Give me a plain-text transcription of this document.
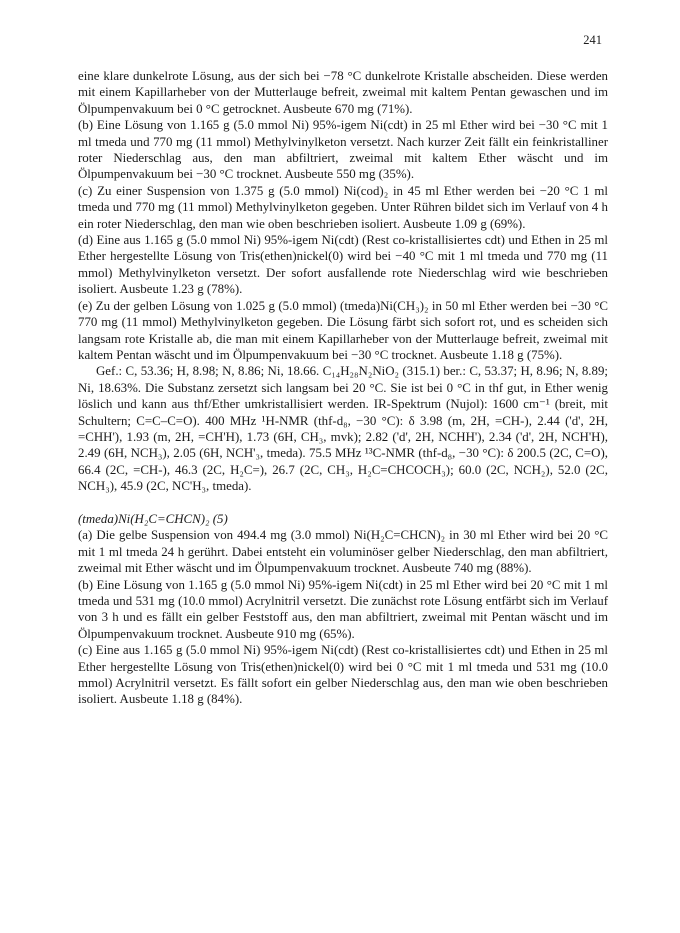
241

eine klare dunkelrote Lösung, aus der sich bei −78 °C dunkelrote Kristalle abscheiden. Diese werden mit einem Kapillarheber von der Mutterlauge befreit, zweimal mit kaltem Pentan gewaschen und im Ölpumpenvakuum bei 0 °C getrocknet. Ausbeute 670 mg (71%).

(b) Eine Lösung von 1.165 g (5.0 mmol Ni) 95%-igem Ni(cdt) in 25 ml Ether wird bei −30 °C mit 1 ml tmeda und 770 mg (11 mmol) Methylvinylketon versetzt. Nach kurzer Zeit fällt ein feinkristalliner roter Niederschlag aus, den man abfiltriert, zweimal mit kaltem Ether wäscht und im Ölpumpenvakuum bei −30 °C trocknet. Ausbeute 550 mg (35%).

(c) Zu einer Suspension von 1.375 g (5.0 mmol) Ni(cod)₂ in 45 ml Ether werden bei −20 °C 1 ml tmeda und 770 mg (11 mmol) Methylvinylketon gegeben. Unter Rühren bildet sich im Verlauf von 4 h ein roter Niederschlag, den man wie oben beschrieben isoliert. Ausbeute 1.09 g (69%).

(d) Eine aus 1.165 g (5.0 mmol Ni) 95%-igem Ni(cdt) (Rest co-kristallisiertes cdt) und Ethen in 25 ml Ether hergestellte Lösung von Tris(ethen)nickel(0) wird bei −40 °C mit 1 ml tmeda und 770 mg (11 mmol) Methylvinylketon versetzt. Der sofort ausfallende rote Niederschlag wird wie beschrieben isoliert. Ausbeute 1.23 g (78%).

(e) Zu der gelben Lösung von 1.025 g (5.0 mmol) (tmeda)Ni(CH₃)₂ in 50 ml Ether werden bei −30 °C 770 mg (11 mmol) Methylvinylketon gegeben. Die Lösung färbt sich sofort rot, und es scheiden sich langsam rote Kristalle ab, die man mit einem Kapillarheber von der Mutterlauge befreit, zweimal mit kaltem Pentan wäscht und im Ölpumpenvakuum bei −30 °C trocknet. Ausbeute 1.18 g (75%).

Gef.: C, 53.36; H, 8.98; N, 8.86; Ni, 18.66. C₁₄H₂₈N₂NiO₂ (315.1) ber.: C, 53.37; H, 8.96; N, 8.89; Ni, 18.63%. Die Substanz zersetzt sich langsam bei 20 °C. Sie ist bei 0 °C in thf gut, in Ether wenig löslich und kann aus thf/Ether umkristallisiert werden. IR-Spektrum (Nujol): 1600 cm⁻¹ (breit, mit Schultern; C=C–C=O). 400 MHz ¹H-NMR (thf-d₈, −30 °C): δ 3.98 (m, 2H, =CH-), 2.44 ('d', 2H, =CHH'), 1.93 (m, 2H, =CH'H), 1.73 (6H, CH₃, mvk); 2.82 ('d', 2H, NCHH'), 2.34 ('d', 2H, NCH'H), 2.49 (6H, NCH₃), 2.05 (6H, NCH'₃, tmeda). 75.5 MHz ¹³C-NMR (thf-d₈, −30 °C): δ 200.5 (2C, C=O), 66.4 (2C, =CH-), 46.3 (2C, H₂C=), 26.7 (2C, CH₃, H₂C=CHCOCH₃); 60.0 (2C, NCH₂), 52.0 (2C, NCH₃), 45.9 (2C, NC'H₃, tmeda).

(tmeda)Ni(H₂C=CHCN)₂ (5)

(a) Die gelbe Suspension von 494.4 mg (3.0 mmol) Ni(H₂C=CHCN)₂ in 30 ml Ether wird bei 20 °C mit 1 ml tmeda 24 h gerührt. Dabei entsteht ein voluminöser gelber Niederschlag, den man abfiltriert, zweimal mit Ether wäscht und im Ölpumpenvakuum trocknet. Ausbeute 740 mg (88%).

(b) Eine Lösung von 1.165 g (5.0 mmol Ni) 95%-igem Ni(cdt) in 25 ml Ether wird bei 20 °C mit 1 ml tmeda und 531 mg (10.0 mmol) Acrylnitril versetzt. Die zunächst rote Lösung entfärbt sich im Verlauf von 3 h und es fällt ein gelber Feststoff aus, den man abfiltriert, zweimal mit Pentan wäscht und im Ölpumpenvakuum trocknet. Ausbeute 910 mg (65%).

(c) Eine aus 1.165 g (5.0 mmol Ni) 95%-igem Ni(cdt) (Rest co-kristallisiertes cdt) und Ethen in 25 ml Ether hergestellte Lösung von Tris(ethen)nickel(0) wird bei 0 °C mit 1 ml tmeda und 531 mg (10.0 mmol) Acrylnitril versetzt. Es fällt sofort ein gelber Niederschlag aus, den man wie oben beschrieben isoliert. Ausbeute 1.18 g (84%).
